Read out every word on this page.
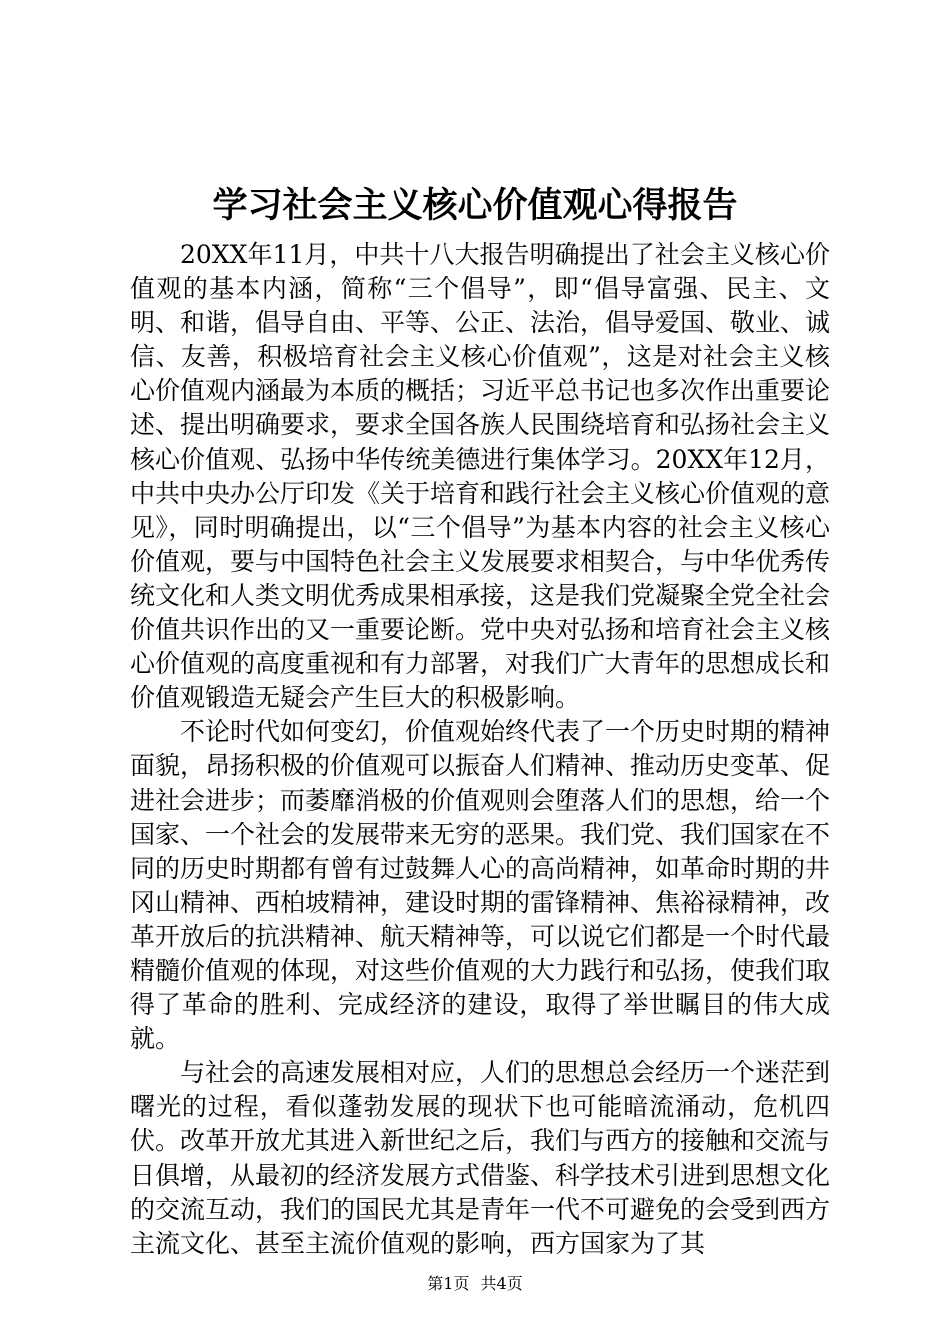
学习社会主义核心价值观心得报告

20XX年11月，中共十八大报告明确提出了社会主义核心价值观的基本内涵，简称“三个倡导”，即“倡导富强、民主、文明、和谐，倡导自由、平等、公正、法治，倡导爱国、敬业、诚信、友善，积极培育社会主义核心价值观”，这是对社会主义核心价值观内涵最为本质的概括；习近平总书记也多次作出重要论述、提出明确要求，要求全国各族人民围绕培育和弘扬社会主义核心价值观、弘扬中华传统美德进行集体学习。20XX年12月，中共中央办公厅印发《关于培育和践行社会主义核心价值观的意见》，同时明确提出，以“三个倡导”为基本内容的社会主义核心价值观，要与中国特色社会主义发展要求相契合，与中华优秀传统文化和人类文明优秀成果相承接，这是我们党凝聚全党全社会价值共识作出的又一重要论断。党中央对弘扬和培育社会主义核心价值观的高度重视和有力部署，对我们广大青年的思想成长和价值观锻造无疑会产生巨大的积极影响。

不论时代如何变幻，价值观始终代表了一个历史时期的精神面貌，昂扬积极的价值观可以振奋人们精神、推动历史变革、促进社会进步；而萎靡消极的价值观则会堕落人们的思想，给一个国家、一个社会的发展带来无穷的恶果。我们党、我们国家在不同的历史时期都有曾有过鼓舞人心的高尚精神，如革命时期的井冈山精神、西柏坡精神，建设时期的雷锋精神、焦裕禄精神，改革开放后的抗洪精神、航天精神等，可以说它们都是一个时代最精髓价值观的体现，对这些价值观的大力践行和弘扬，使我们取得了革命的胜利、完成经济的建设，取得了举世瞩目的伟大成就。

与社会的高速发展相对应，人们的思想总会经历一个迷茫到曙光的过程，看似蓬勃发展的现状下也可能暗流涌动，危机四伏。改革开放尤其进入新世纪之后，我们与西方的接触和交流与日俱增，从最初的经济发展方式借鉴、科学技术引进到思想文化的交流互动，我们的国民尤其是青年一代不可避免的会受到西方主流文化、甚至主流价值观的影响，西方国家为了其

第1页 共4页
